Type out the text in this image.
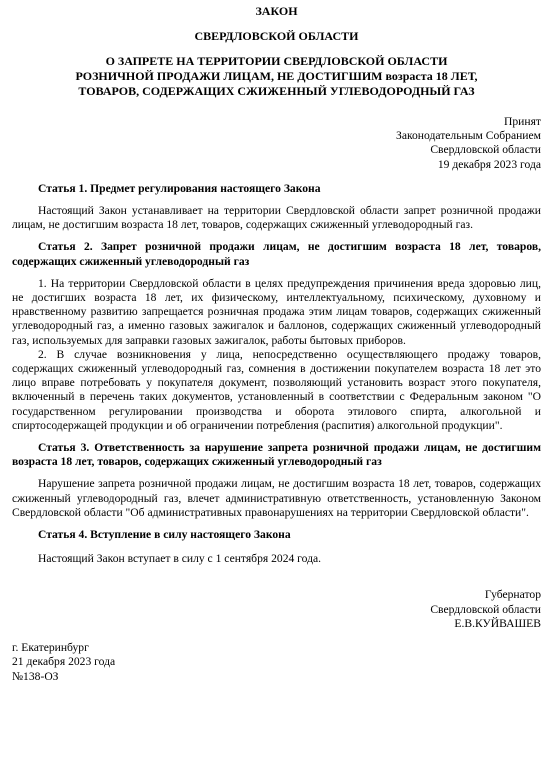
ЗАКОН
СВЕРДЛОВСКОЙ ОБЛАСТИ
О ЗАПРЕТЕ НА ТЕРРИТОРИИ СВЕРДЛОВСКОЙ ОБЛАСТИ
РОЗНИЧНОЙ ПРОДАЖИ ЛИЦАМ, НЕ ДОСТИГШИМ возраста 18 ЛЕТ,
ТОВАРОВ, СОДЕРЖАЩИХ СЖИЖЕННЫЙ УГЛЕВОДОРОДНЫЙ ГАЗ
Принят
Законодательным Собранием
Свердловской области
19 декабря 2023 года

Статья 1. Предмет регулирования настоящего Закона

Настоящий Закон устанавливает на территории Свердловской области запрет розничной продажи лицам, не достигшим возраста 18 лет, товаров, содержащих сжиженный углеводородный газ.

Статья 2. Запрет розничной продажи лицам, не достигшим возраста 18 лет, товаров, содержащих сжиженный углеводородный газ

1. На территории Свердловской области в целях предупреждения причинения вреда здоровью лиц, не достигших возраста 18 лет, их физическому, интеллектуальному, психическому, духовному и нравственному развитию запрещается розничная продажа этим лицам товаров, содержащих сжиженный углеводородный газ, а именно газовых зажигалок и баллонов, содержащих сжиженный углеводородный газ, используемых для заправки газовых зажигалок, работы бытовых приборов.

2. В случае возникновения у лица, непосредственно осуществляющего продажу товаров, содержащих сжиженный углеводородный газ, сомнения в достижении покупателем возраста 18 лет это лицо вправе потребовать у покупателя документ, позволяющий установить возраст этого покупателя, включенный в перечень таких документов, установленный в соответствии с Федеральным законом "О государственном регулировании производства и оборота этилового спирта, алкогольной и спиртосодержащей продукции и об ограничении потребления (распития) алкогольной продукции".

Статья 3. Ответственность за нарушение запрета розничной продажи лицам, не достигшим возраста 18 лет, товаров, содержащих сжиженный углеводородный газ

Нарушение запрета розничной продажи лицам, не достигшим возраста 18 лет, товаров, содержащих сжиженный углеводородный газ, влечет административную ответственность, установленную Законом Свердловской области "Об административных правонарушениях на территории Свердловской области".

Статья 4. Вступление в силу настоящего Закона

Настоящий Закон вступает в силу с 1 сентября 2024 года.

Губернатор
Свердловской области
Е.В.КУЙВАШЕВ
г. Екатеринбург
21 декабря 2023 года
№138-ОЗ
